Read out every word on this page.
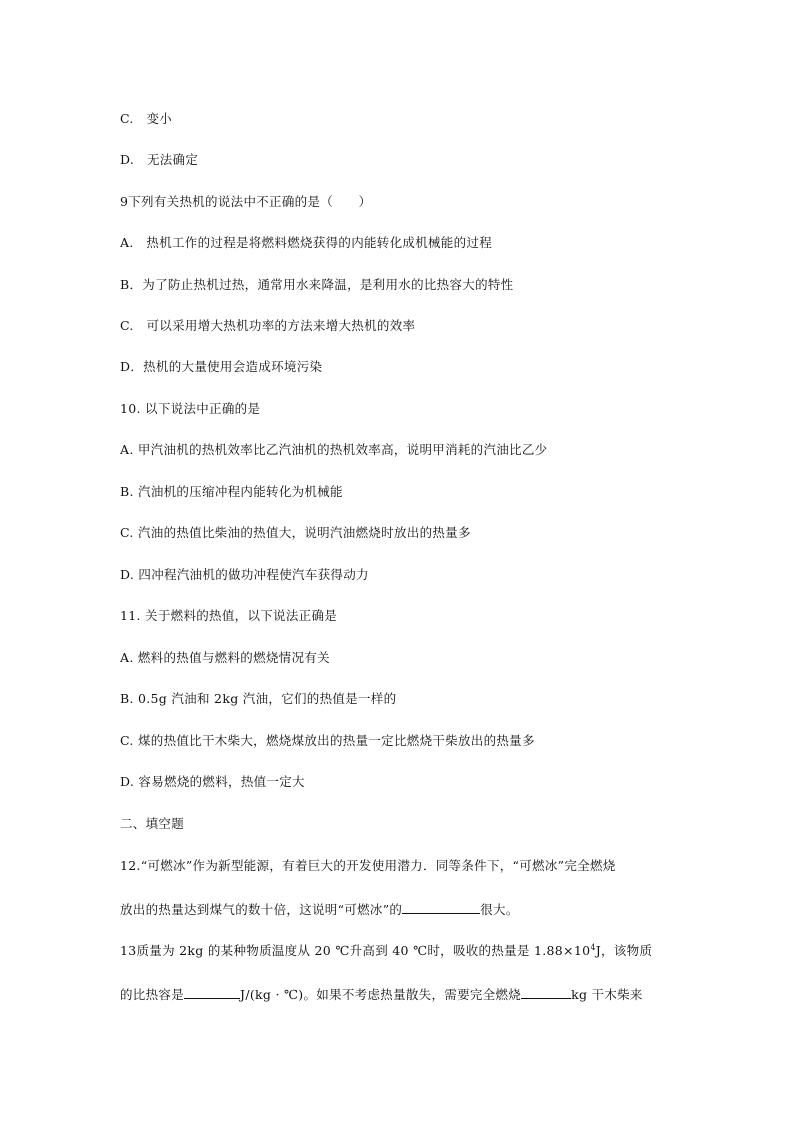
C.　变小
D.　无法确定
9下列有关热机的说法中不正确的是（　　）
A.　热机工作的过程是将燃料燃烧获得的内能转化成机械能的过程
B．为了防止热机过热，通常用水来降温，是利用水的比热容大的特性
C.　可以采用增大热机功率的方法来增大热机的效率
D．热机的大量使用会造成环境污染
10. 以下说法中正确的是
A. 甲汽油机的热机效率比乙汽油机的热机效率高，说明甲消耗的汽油比乙少
B. 汽油机的压缩冲程内能转化为机械能
C. 汽油的热值比柴油的热值大，说明汽油燃烧时放出的热量多
D. 四冲程汽油机的做功冲程使汽车获得动力
11. 关于燃料的热值，以下说法正确是
A. 燃料的热值与燃料的燃烧情况有关
B. 0.5g 汽油和 2kg 汽油，它们的热值是一样的
C. 煤的热值比干木柴大，燃烧煤放出的热量一定比燃烧干柴放出的热量多
D. 容易燃烧的燃料，热值一定大
二、填空题
12.“可燃冰”作为新型能源，有着巨大的开发使用潜力．同等条件下，“可燃冰”完全燃烧
放出的热量达到煤气的数十倍，这说明“可燃冰”的	很大。
13质量为 2kg 的某种物质温度从 20 ℃升高到 40 ℃时，吸收的热量是 $1.88\times 10^4J$，该物质
的比热容是	J/(kg · ℃)。如果不考虑热量散失，需要完全燃烧	kg 干木柴来
